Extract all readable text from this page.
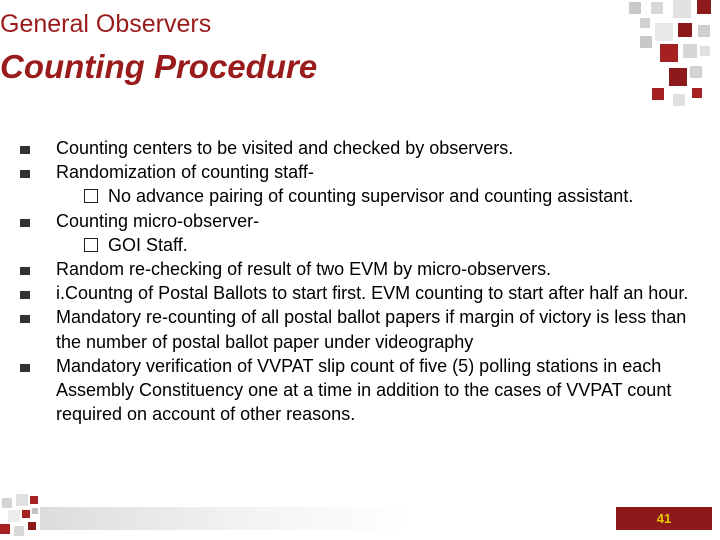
General Observers
Counting Procedure
Counting centers to be visited and checked by observers.
Randomization of counting staff-
No advance pairing of counting supervisor and counting assistant.
Counting micro-observer-
GOI Staff.
Random re-checking of result of two EVM by micro-observers.
i.Countng of Postal Ballots to start first. EVM counting to start after half an hour.
Mandatory re-counting of all postal ballot papers if margin of victory is less than the number of postal ballot paper under videography
Mandatory verification of VVPAT slip count of five (5) polling stations in each Assembly Constituency one at a time in addition to the cases of VVPAT count required on account of other reasons.
41
